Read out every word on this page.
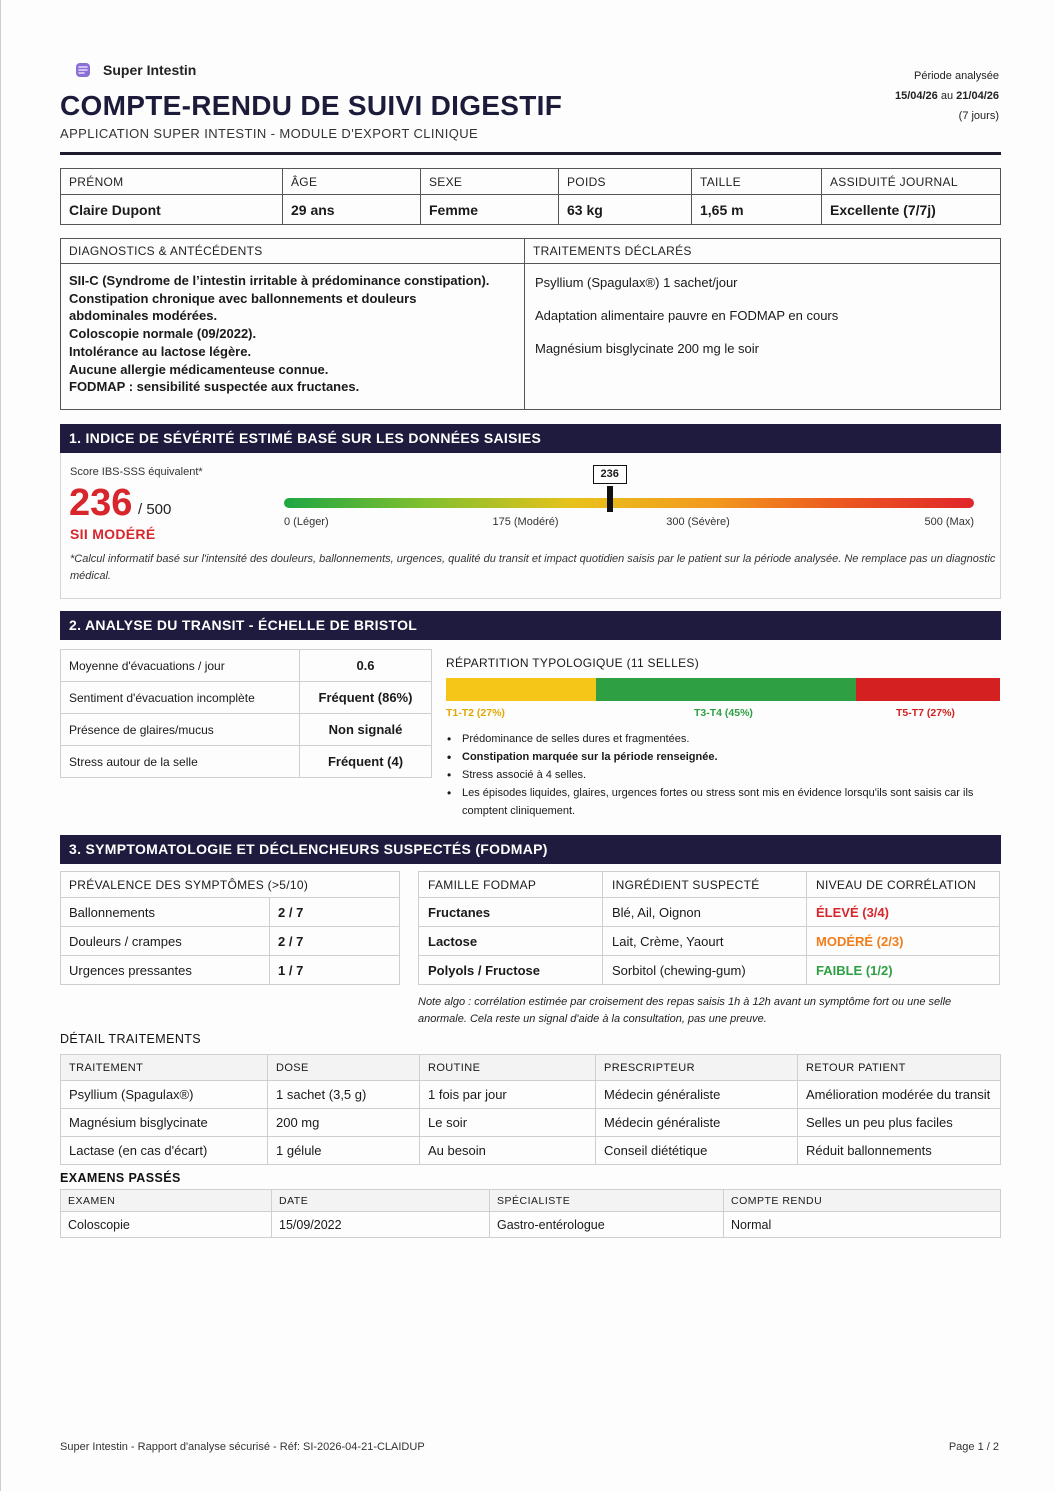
Super Intestin
COMPTE-RENDU DE SUIVI DIGESTIF
APPLICATION SUPER INTESTIN - MODULE D'EXPORT CLINIQUE
Période analysée
15/04/26 au 21/04/26
(7 jours)
PRÉNOM	ÂGE	SEXE	POIDS	TAILLE	ASSIDUITÉ JOURNAL
Claire Dupont	29 ans	Femme	63 kg	1,65 m	Excellente (7/7j)
DIAGNOSTICS & ANTÉCÉDENTS
SII-C (Syndrome de l’intestin irritable à prédominance constipation).
Constipation chronique avec ballonnements et douleurs
abdominales modérées.
Coloscopie normale (09/2022).
Intolérance au lactose légère.
Aucune allergie médicamenteuse connue.
FODMAP : sensibilité suspectée aux fructanes.
TRAITEMENTS DÉCLARÉS
Psyllium (Spagulax®) 1 sachet/jour
Adaptation alimentaire pauvre en FODMAP en cours
Magnésium bisglycinate 200 mg le soir
1. INDICE DE SÉVÉRITÉ ESTIMÉ BASÉ SUR LES DONNÉES SAISIES
Score IBS-SSS équivalent*
236 / 500
SII MODÉRÉ
236
0 (Léger)	175 (Modéré)	300 (Sévère)	500 (Max)
*Calcul informatif basé sur l'intensité des douleurs, ballonnements, urgences, qualité du transit et impact quotidien saisis par le patient sur la période analysée. Ne remplace pas un diagnostic médical.
2. ANALYSE DU TRANSIT - ÉCHELLE DE BRISTOL
Moyenne d'évacuations / jour	0.6
Sentiment d'évacuation incomplète	Fréquent (86%)
Présence de glaires/mucus	Non signalé
Stress autour de la selle	Fréquent (4)
RÉPARTITION TYPOLOGIQUE (11 SELLES)
T1-T2 (27%)	T3-T4 (45%)	T5-T7 (27%)
• Prédominance de selles dures et fragmentées.
• Constipation marquée sur la période renseignée.
• Stress associé à 4 selles.
• Les épisodes liquides, glaires, urgences fortes ou stress sont mis en évidence lorsqu'ils sont saisis car ils comptent cliniquement.
3. SYMPTOMATOLOGIE ET DÉCLENCHEURS SUSPECTÉS (FODMAP)
PRÉVALENCE DES SYMPTÔMES (>5/10)	
Ballonnements	2 / 7
Douleurs / crampes	2 / 7
Urgences pressantes	1 / 7
FAMILLE FODMAP	INGRÉDIENT SUSPECTÉ	NIVEAU DE CORRÉLATION
Fructanes	Blé, Ail, Oignon	ÉLEVÉ (3/4)
Lactose	Lait, Crème, Yaourt	MODÉRÉ (2/3)
Polyols / Fructose	Sorbitol (chewing-gum)	FAIBLE (1/2)
Note algo : corrélation estimée par croisement des repas saisis 1h à 12h avant un symptôme fort ou une selle anormale. Cela reste un signal d'aide à la consultation, pas une preuve.
DÉTAIL TRAITEMENTS
TRAITEMENT	DOSE	ROUTINE	PRESCRIPTEUR	RETOUR PATIENT
Psyllium (Spagulax®)	1 sachet (3,5 g)	1 fois par jour	Médecin généraliste	Amélioration modérée du transit
Magnésium bisglycinate	200 mg	Le soir	Médecin généraliste	Selles un peu plus faciles
Lactase (en cas d'écart)	1 gélule	Au besoin	Conseil diététique	Réduit ballonnements
EXAMENS PASSÉS
EXAMEN	DATE	SPÉCIALISTE	COMPTE RENDU
Coloscopie	15/09/2022	Gastro-entérologue	Normal
Super Intestin - Rapport d'analyse sécurisé - Réf: SI-2026-04-21-CLAIDUP	Page 1 / 2
